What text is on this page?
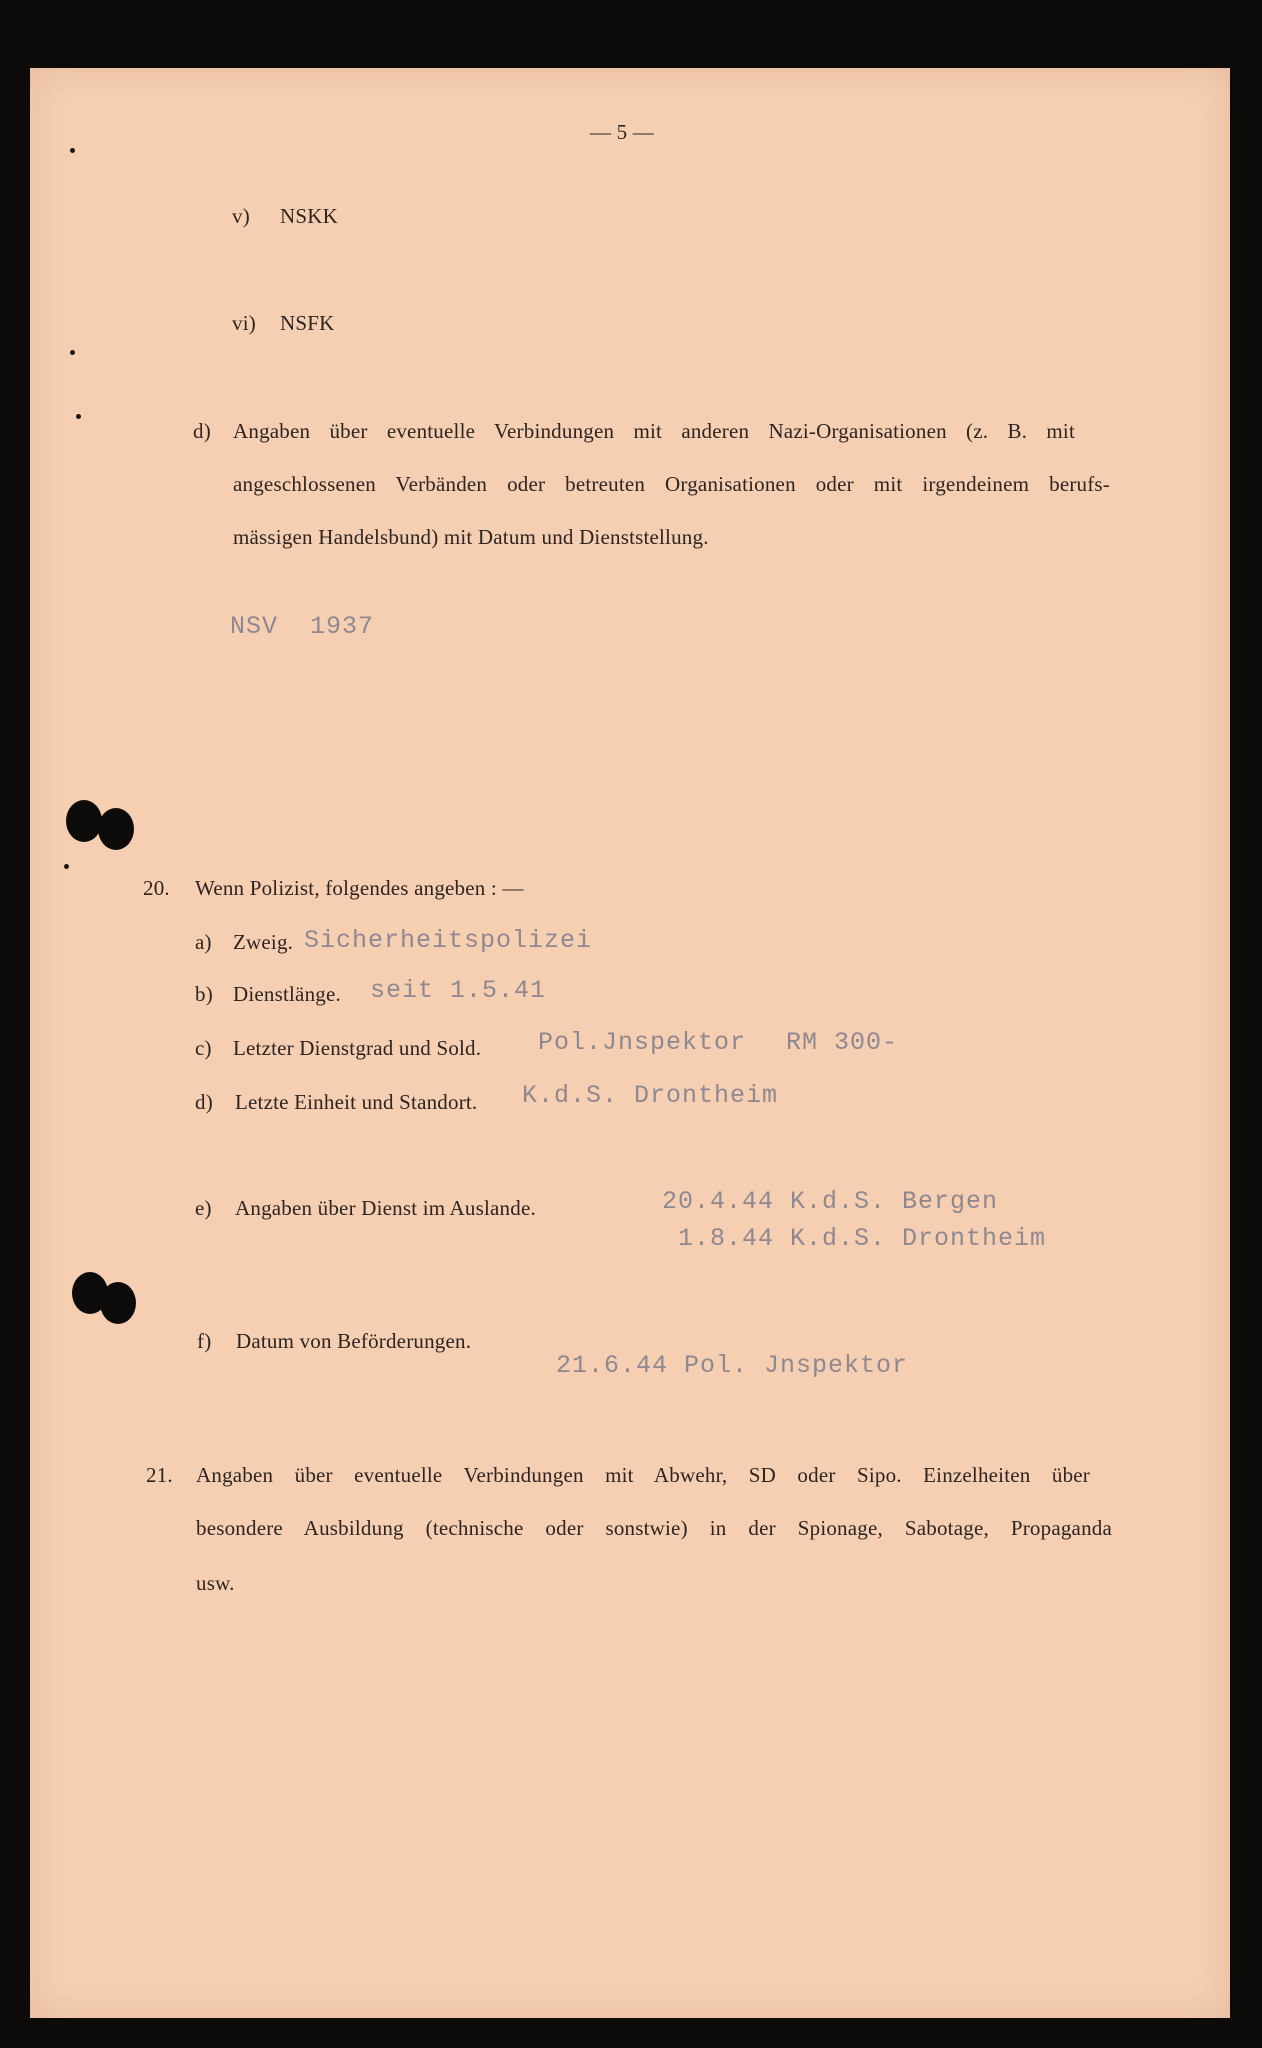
— 5 —
v) NSKK
vi) NSFK
d) Angaben über eventuelle Verbindungen mit anderen Nazi-Organisationen (z. B. mit
angeschlossenen Verbänden oder betreuten Organisationen oder mit irgendeinem berufs-
mässigen Handelsbund) mit Datum und Dienststellung.
NSV  1937
20. Wenn Polizist, folgendes angeben : —
a) Zweig. Sicherheitspolizei
b) Dienstlänge. seit 1.5.41
c) Letzter Dienstgrad und Sold. Pol.Jnspektor RM 300-
d) Letzte Einheit und Standort. K.d.S. Drontheim
e) Angaben über Dienst im Auslande.	20.4.44 K.d.S. Bergen
1.8.44 K.d.S. Drontheim
f) Datum von Beförderungen.
21.6.44 Pol. Jnspektor
21. Angaben über eventuelle Verbindungen mit Abwehr, SD oder Sipo. Einzelheiten über
besondere Ausbildung (technische oder sonstwie) in der Spionage, Sabotage, Propaganda
usw.
